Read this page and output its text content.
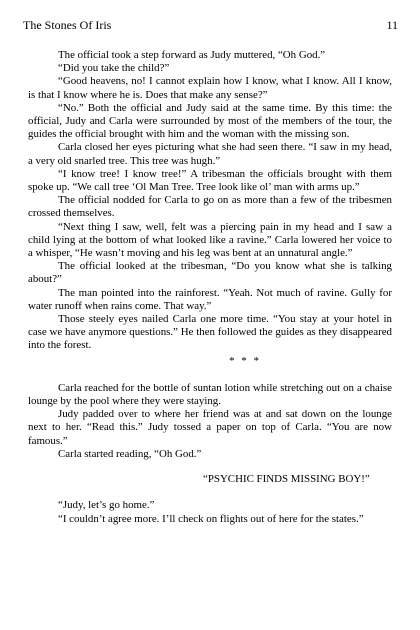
The Stones Of Iris	11

The official took a step forward as Judy muttered, “Oh God.”

“Did you take the child?”

“Good heavens, no! I cannot explain how I know, what I know. All I know, is that I know where he is. Does that make any sense?”

“No.” Both the official and Judy said at the same time. By this time: the official, Judy and Carla were surrounded by most of the members of the tour, the guides the official brought with him and the woman with the missing son.

Carla closed her eyes picturing what she had seen there. “I saw in my head, a very old snarled tree. This tree was hugh.”

“I know tree! I know tree!” A tribesman the officials brought with them spoke up. “We call tree ‘Ol Man Tree. Tree look like ol’ man with arms up.”

The official nodded for Carla to go on as more than a few of the tribesmen crossed themselves.

“Next thing I saw, well, felt was a piercing pain in my head and I saw a child lying at the bottom of what looked like a ravine.” Carla lowered her voice to a whisper, “He wasn’t moving and his leg was bent at an unnatural angle.”

The official looked at the tribesman, “Do you know what she is talking about?”

The man pointed into the rainforest. “Yeah. Not much of ravine. Gully for water runoff when rains come. That way.”

Those steely eyes nailed Carla one more time. “You stay at your hotel in case we have anymore questions.” He then followed the guides as they disappeared into the forest.

* * *

Carla reached for the bottle of suntan lotion while stretching out on a chaise lounge by the pool where they were staying.

Judy padded over to where her friend was at and sat down on the lounge next to her. “Read this.” Judy tossed a paper on top of Carla. “You are now famous.”

Carla started reading, “Oh God.”

“PSYCHIC FINDS MISSING BOY!”

“Judy, let’s go home.”

“I couldn’t agree more. I’ll check on flights out of here for the states.”
